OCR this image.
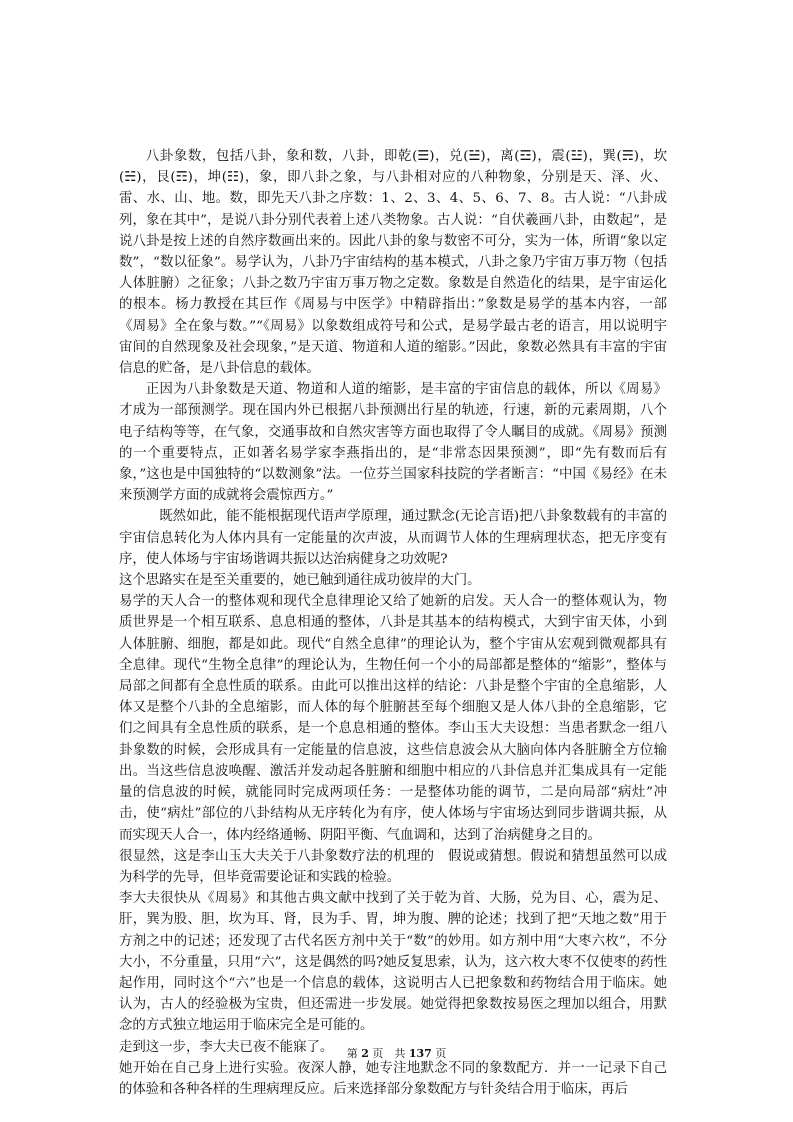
八卦象数，包括八卦，象和数，八卦，即乾(☰)，兑(☱)，离(☲)，震(☳)，巽(☴)，坎(☵)，艮(☶)，坤(☷)，象，即八卦之象，与八卦相对应的八种物象，分别是天、泽、火、雷、水、山、地。数，即先天八卦之序数：1、2、3、4、5、6、7、8。古人说：“八卦成列，象在其中”，是说八卦分别代表着上述八类物象。古人说：“自伏羲画八卦，由数起”，是说八卦是按上述的自然序数画出来的。因此八卦的象与数密不可分，实为一体，所谓“象以定数”，“数以征象”。易学认为，八卦乃宇宙结构的基本模式，八卦之象乃宇宙万事万物（包括人体脏腑）之征象；八卦之数乃宇宙万事万物之定数。象数是自然造化的结果，是宇宙运化的根本。杨力教授在其巨作《周易与中医学》中精辟指出：”象数是易学的基本内容，一部《周易》全在象与数。”“《周易》以象数组成符号和公式，是易学最古老的语言，用以说明宇宙间的自然现象及社会现象，”是天道、物道和人道的缩影。”因此，象数必然具有丰富的宇宙信息的贮备，是八卦信息的载体。

正因为八卦象数是天道、物道和人道的缩影，是丰富的宇宙信息的载体，所以《周易》才成为一部预测学。现在国内外已根据八卦预测出行星的轨迹，行速，新的元素周期，八个电子结构等等，在气象，交通事故和自然灾害等方面也取得了令人瞩目的成就。《周易》预测的一个重要特点，正如著名易学家李燕指出的，是“非常态因果预测”，即“先有数而后有象，”这也是中国独特的“以数测象”法。一位芬兰国家科技院的学者断言：“中国《易经》在未来预测学方面的成就将会震惊西方。”

既然如此，能不能根据现代语声学原理，通过默念(无论言语)把八卦象数载有的丰富的宇宙信息转化为人体内具有一定能量的次声波，从而调节人体的生理病理状态，把无序变有序，使人体场与宇宙场谐调共振以达治病健身之功效呢?

这个思路实在是至关重要的，她已触到通往成功彼岸的大门。

易学的天人合一的整体观和现代全息律理论又给了她新的启发。天人合一的整体观认为，物质世界是一个相互联系、息息相通的整体，八卦是其基本的结构模式，大到宇宙天体，小到人体脏腑、细胞，都是如此。现代“自然全息律”的理论认为，整个宇宙从宏观到微观都具有全息律。现代“生物全息律”的理论认为，生物任何一个小的局部都是整体的“缩影”，整体与局部之间都有全息性质的联系。由此可以推出这样的结论：八卦是整个宇宙的全息缩影，人体又是整个八卦的全息缩影，而人体的每个脏腑甚至每个细胞又是人体八卦的全息缩影，它们之间具有全息性质的联系，是一个息息相通的整体。李山玉大夫设想：当患者默念一组八卦象数的时候，会形成具有一定能量的信息波，这些信息波会从大脑向体内各脏腑全方位输出。当这些信息波唤醒、激活并发动起各脏腑和细胞中相应的八卦信息并汇集成具有一定能量的信息波的时候，就能同时完成两项任务：一是整体功能的调节，二是向局部“病灶”冲击，使“病灶”部位的八卦结构从无序转化为有序，使人体场与宇宙场达到同步谐调共振，从而实现天人合一，体内经络通畅、阴阳平衡、气血调和，达到了治病健身之目的。

很显然，这是李山玉大夫关于八卦象数疗法的机理的　假说或猜想。假说和猜想虽然可以成为科学的先导，但毕竟需要论证和实践的检验。

李大夫很快从《周易》和其他古典文献中找到了关于乾为首、大肠，兑为目、心，震为足、肝，巽为股、胆，坎为耳、肾，艮为手、胃，坤为腹、脾的论述；找到了把“天地之数”用于方剂之中的记述；还发现了古代名医方剂中关于“数”的妙用。如方剂中用“大枣六枚”，不分大小，不分重量，只用“六”，这是偶然的吗?她反复思索，认为，这六枚大枣不仅使枣的药性起作用，同时这个“六”也是一个信息的载体，这说明古人已把象数和药物结合用于临床。她认为，古人的经验极为宝贵，但还需进一步发展。她觉得把象数按易医之理加以组合，用默念的方式独立地运用于临床完全是可能的。

走到这一步，李大夫已夜不能寐了。

她开始在自己身上进行实验。夜深人静，她专注地默念不同的象数配方．并一一记录下自己的体验和各种各样的生理病理反应。后来选择部分象数配方与针灸结合用于临床，再后

第 2 页　共 137 页
